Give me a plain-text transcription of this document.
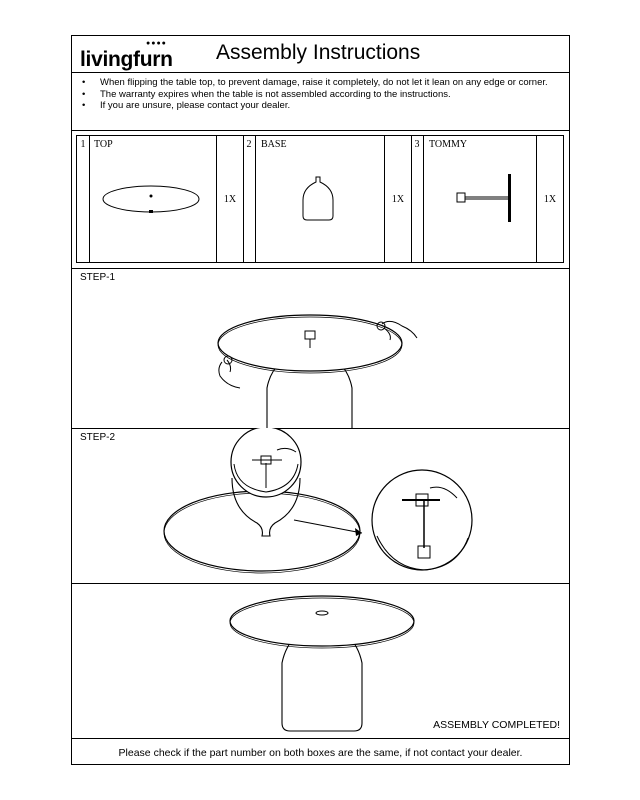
livingfurn
●●●● Assembly Instructions
• When flipping the table top, to prevent damage, raise it completely, do not let it lean on any edge or corner.
• The warranty expires when the table is not assembled according to the instructions.
• If you are unsure, please contact your dealer.
1 TOP
1X
2 BASE
1X
3 TOMMY
1X
STEP-1
STEP-2
ASSEMBLY COMPLETED!
Please check if the part number on both boxes are the same, if not contact your dealer.
